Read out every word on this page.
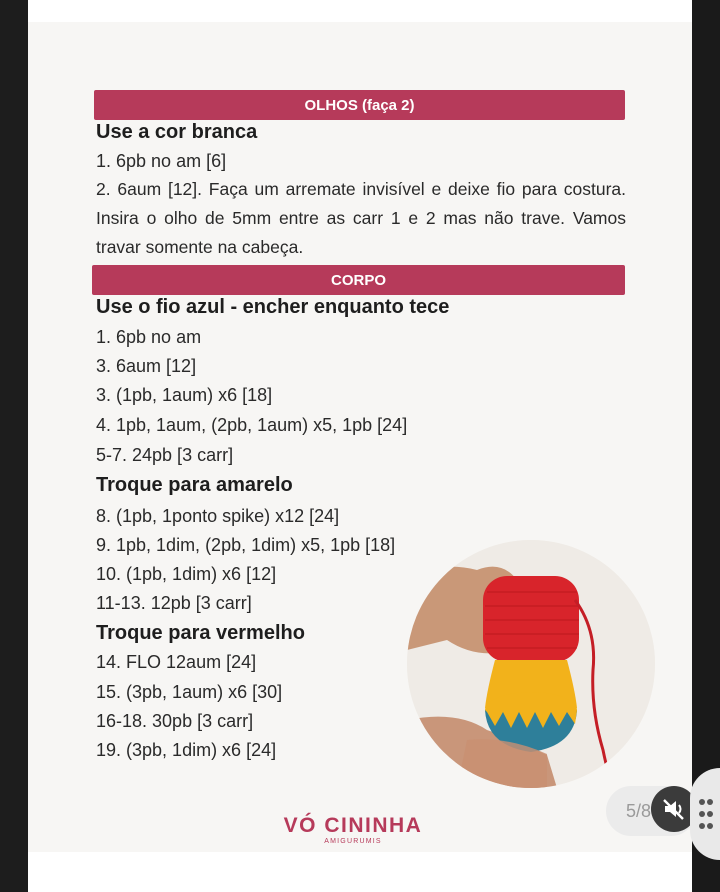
OLHOS (faça 2)
Use a cor branca
1. 6pb no am [6]
2. 6aum [12]. Faça um arremate invisível e deixe fio para costura. Insira o olho de 5mm entre as carr 1 e 2 mas não trave. Vamos travar somente na cabeça.
CORPO
Use o fio azul - encher enquanto tece
1. 6pb no am
3. 6aum [12]
3. (1pb, 1aum) x6 [18]
4. 1pb, 1aum, (2pb, 1aum) x5, 1pb [24]
5-7. 24pb [3 carr]
Troque para amarelo
8. (1pb, 1ponto spike) x12 [24]
9. 1pb, 1dim, (2pb, 1dim) x5, 1pb [18]
10. (1pb, 1dim) x6 [12]
11-13. 12pb [3 carr]
Troque para vermelho
14. FLO 12aum [24]
15. (3pb, 1aum) x6 [30]
16-18. 30pb [3 carr]
19. (3pb, 1dim) x6 [24]
VÓ CININHA
AMIGURUMIS
5/8
